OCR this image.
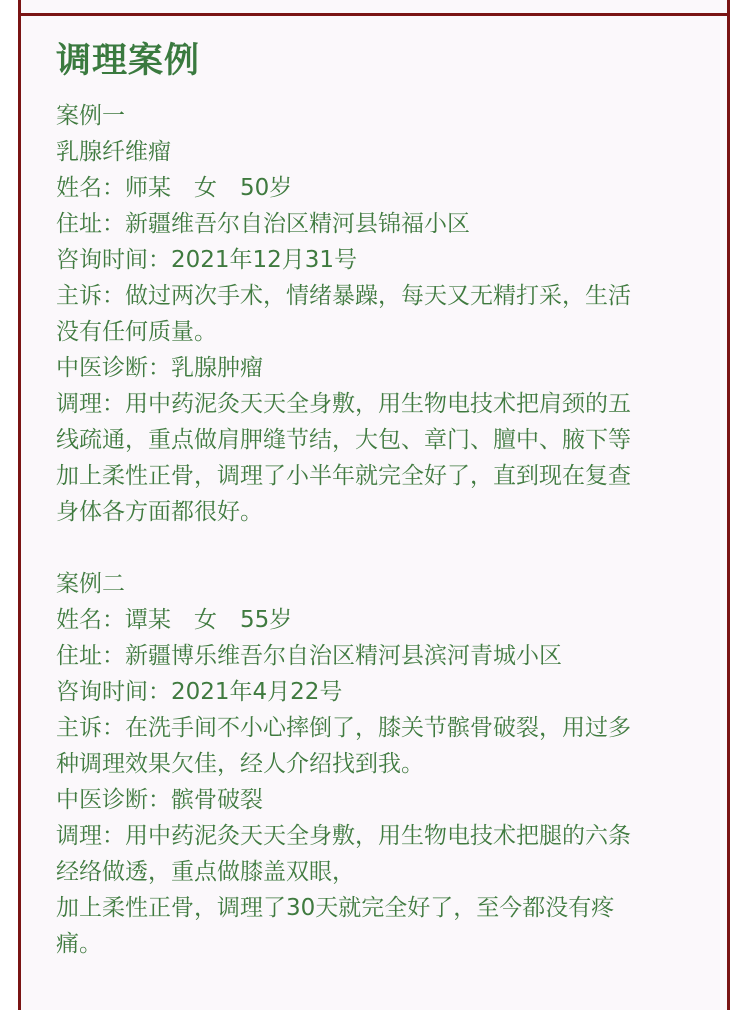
调理案例
案例一
乳腺纤维瘤
姓名：师某　女　50岁
住址：新疆维吾尔自治区精河县锦福小区
咨询时间：2021年12月31号
主诉：做过两次手术，情绪暴躁，每天又无精打采，生活
没有任何质量。
中医诊断：乳腺肿瘤
调理：用中药泥灸天天全身敷，用生物电技术把肩颈的五
线疏通，重点做肩胛缝节结，大包、章门、膻中、腋下等
加上柔性正骨，调理了小半年就完全好了，直到现在复查
身体各方面都很好。
案例二
姓名：谭某　女　55岁
住址：新疆博乐维吾尔自治区精河县滨河青城小区
咨询时间：2021年4月22号
主诉：在洗手间不小心摔倒了，膝关节髌骨破裂，用过多
种调理效果欠佳，经人介绍找到我。
中医诊断：髌骨破裂
调理：用中药泥灸天天全身敷，用生物电技术把腿的六条
经络做透，重点做膝盖双眼，
加上柔性正骨，调理了30天就完全好了，至今都没有疼
痛。
